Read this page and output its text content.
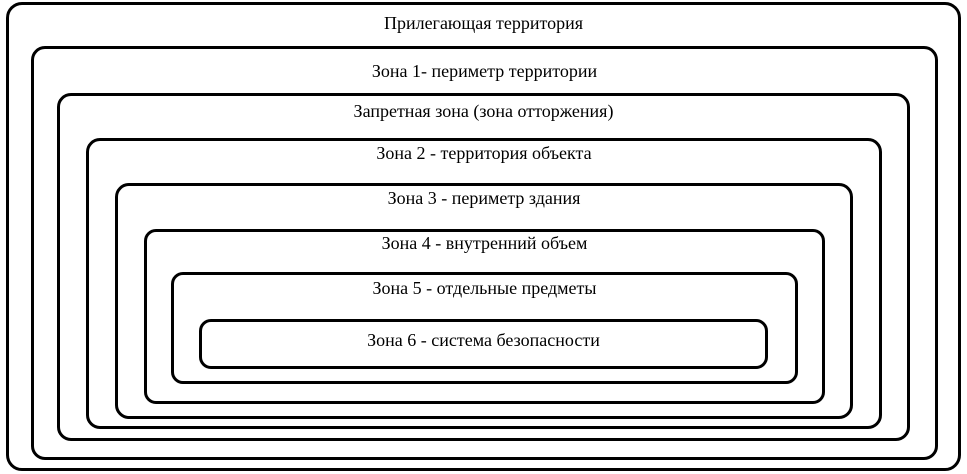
Прилегающая территория
Зона 1- периметр территории
Запретная зона (зона отторжения)
Зона 2 - территория объекта
Зона 3 - периметр здания
Зона 4 - внутренний объем
Зона 5 - отдельные предметы
Зона 6 - система безопасности
